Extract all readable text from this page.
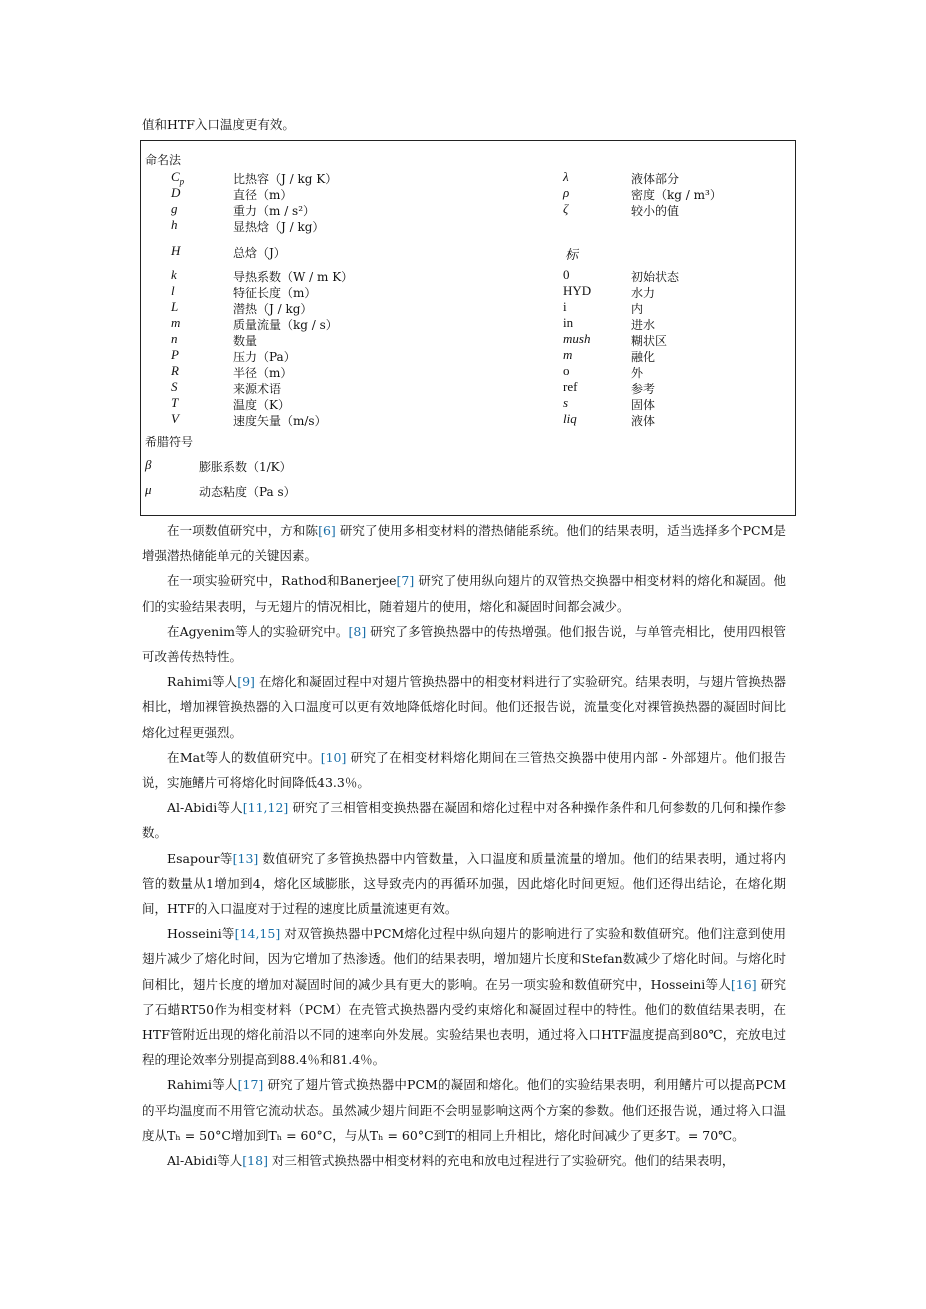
值和HTF入口温度更有效。
命名法
$C_p$	比热容（J / kg K）
D	直径（m）
g	重力（m / s²）
h	显热焓（J / kg）
H	总焓（J）
k	导热系数（W / m K）
l	特征长度（m）
L	潜热（J / kg）
m	质量流量（kg / s）
n	数量
P	压力（Pa）
R	半径（m）
S	来源术语
T	温度（K）
V	速度矢量（m/s）
λ	液体部分
ρ	密度（kg / m³）
ζ	较小的值
标
0	初始状态
HYD	水力
i	内
in	进水
mush	糊状区
m	融化
o	外
ref	参考
s	固体
liq	液体
希腊符号
β	膨胀系数（1/K）
μ	动态粘度（Pa s）

在一项数值研究中，方和陈[6] 研究了使用多相变材料的潜热储能系统。他们的结果表明，适当选择多个PCM是增强潜热储能单元的关键因素。

在一项实验研究中，Rathod和Banerjee[7] 研究了使用纵向翅片的双管热交换器中相变材料的熔化和凝固。他们的实验结果表明，与无翅片的情况相比，随着翅片的使用，熔化和凝固时间都会减少。

在Agyenim等人的实验研究中。[8] 研究了多管换热器中的传热增强。他们报告说，与单管壳相比，使用四根管可改善传热特性。

Rahimi等人[9] 在熔化和凝固过程中对翅片管换热器中的相变材料进行了实验研究。结果表明，与翅片管换热器相比，增加裸管换热器的入口温度可以更有效地降低熔化时间。他们还报告说，流量变化对裸管换热器的凝固时间比熔化过程更强烈。

在Mat等人的数值研究中。[10] 研究了在相变材料熔化期间在三管热交换器中使用内部 - 外部翅片。他们报告说，实施鳍片可将熔化时间降低43.3％。

Al-Abidi等人[11,12] 研究了三相管相变换热器在凝固和熔化过程中对各种操作条件和几何参数的几何和操作参数。

Esapour等[13] 数值研究了多管换热器中内管数量，入口温度和质量流量的增加。他们的结果表明，通过将内管的数量从1增加到4，熔化区域膨胀，这导致壳内的再循环加强，因此熔化时间更短。他们还得出结论，在熔化期间，HTF的入口温度对于过程的速度比质量流速更有效。

Hosseini等[14,15] 对双管换热器中PCM熔化过程中纵向翅片的影响进行了实验和数值研究。他们注意到使用翅片减少了熔化时间，因为它增加了热渗透。他们的结果表明，增加翅片长度和Stefan数减少了熔化时间。与熔化时间相比，翅片长度的增加对凝固时间的减少具有更大的影响。在另一项实验和数值研究中，Hosseini等人[16] 研究了石蜡RT50作为相变材料（PCM）在壳管式换热器内受约束熔化和凝固过程中的特性。他们的数值结果表明，在HTF管附近出现的熔化前沿以不同的速率向外发展。实验结果也表明，通过将入口HTF温度提高到80℃，充放电过程的理论效率分别提高到88.4％和81.4％。

Rahimi等人[17] 研究了翅片管式换热器中PCM的凝固和熔化。他们的实验结果表明，利用鳍片可以提高PCM的平均温度而不用管它流动状态。虽然减少翅片间距不会明显影响这两个方案的参数。他们还报告说，通过将入口温度从Tₕ = 50°C增加到Tₕ = 60°C，与从Tₕ = 60°C到T的相同上升相比，熔化时间减少了更多T。= 70℃。

Al-Abidi等人[18] 对三相管式换热器中相变材料的充电和放电过程进行了实验研究。他们的结果表明，
